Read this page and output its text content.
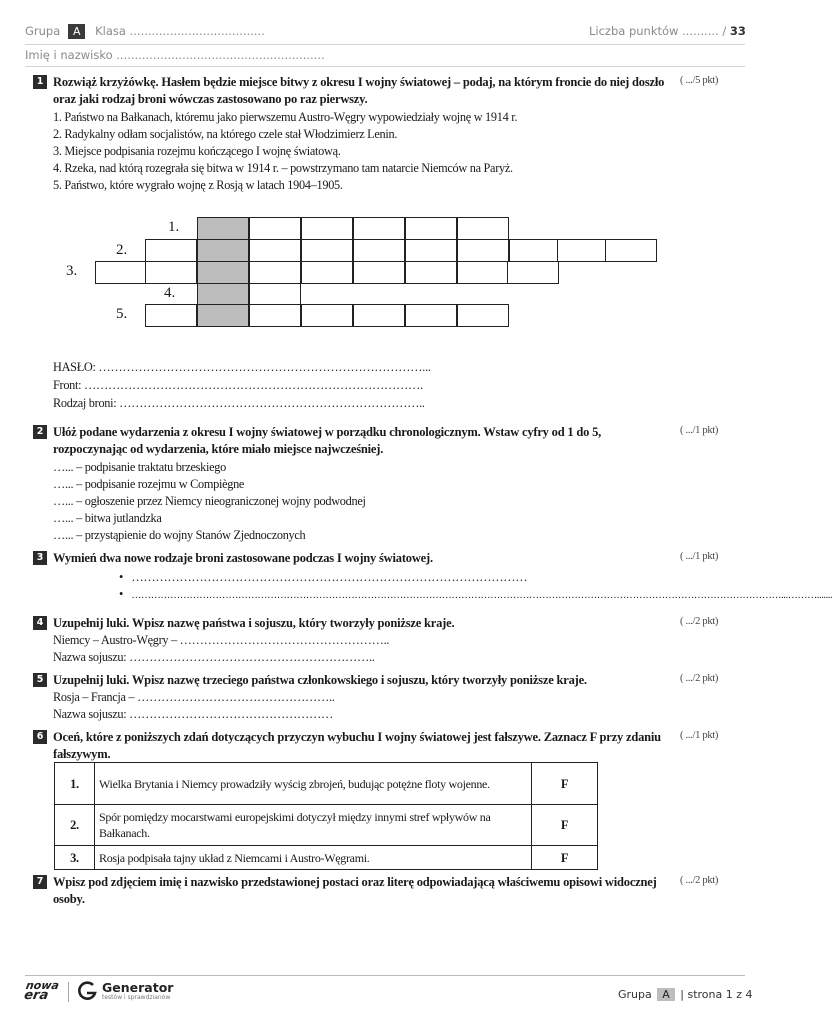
Grupa A Klasa .....................................	Liczba punktów .......... / 33
Imię i nazwisko .........................................................
1 Rozwiąż krzyżówkę. Hasłem będzie miejsce bitwy z okresu I wojny światowej – podaj, na którym froncie do niej doszło oraz jaki rodzaj broni wówczas zastosowano po raz pierwszy.
( .../5 pkt)
1. Państwo na Bałkanach, któremu jako pierwszemu Austro-Węgry wypowiedziały wojnę w 1914 r.
2. Radykalny odłam socjalistów, na którego czele stał Włodzimierz Lenin.
3. Miejsce podpisania rozejmu kończącego I wojnę światową.
4. Rzeka, nad którą rozegrała się bitwa w 1914 r. – powstrzymano tam natarcie Niemców na Paryż.
5. Państwo, które wygrało wojnę z Rosją w latach 1904–1905.
1.
2.
3.
4.
5.
HASŁO: ………………………………………………………………………...
Front: ………………………………………………………………………….
Rodzaj broni: …………………………………………………………………..
2 Ułóż podane wydarzenia z okresu I wojny światowej w porządku chronologicznym. Wstaw cyfry od 1 do 5, rozpoczynając od wydarzenia, które miało miejsce najwcześniej.
( .../1 pkt)
…... – podpisanie traktatu brzeskiego
…... – podpisanie rozejmu w Compiègne
…... – ogłoszenie przez Niemcy nieograniczonej wojny podwodnej
…... – bitwa jutlandzka
…... – przystąpienie do wojny Stanów Zjednoczonych
3 Wymień dwa nowe rodzaje broni zastosowane podczas I wojny światowej.	( .../1 pkt)
•   ………………………………………………………………………………………
•   …………………………………………………………………………………………………………………………………………………………………………………...……….......
4 Uzupełnij luki. Wpisz nazwę państwa i sojuszu, który tworzyły poniższe kraje.	( .../2 pkt)
Niemcy – Austro-Węgry – ……………………………………………..
Nazwa sojuszu: ……………………………………………………..
5 Uzupełnij luki. Wpisz nazwę trzeciego państwa członkowskiego i sojuszu, który tworzyły poniższe kraje.	( .../2 pkt)
Rosja – Francja – …………………………………………..
Nazwa sojuszu: ……………………………………………
6 Oceń, które z poniższych zdań dotyczących przyczyn wybuchu I wojny światowej jest fałszywe. Zaznacz F przy zdaniu fałszywym.
( .../1 pkt)
1.	Wielka Brytania i Niemcy prowadziły wyścig zbrojeń, budując potężne floty wojenne.	F
2.	Spór pomiędzy mocarstwami europejskimi dotyczył między innymi stref wpływów na Bałkanach.	F
3.	Rosja podpisała tajny układ z Niemcami i Austro-Węgrami.	F
7 Wpisz pod zdjęciem imię i nazwisko przedstawionej postaci oraz literę odpowiadającą właściwemu opisowi widocznej osoby.
( .../2 pkt)
nowa
era
Generator
testów i sprawdzianów	Grupa A | strona 1 z 4
